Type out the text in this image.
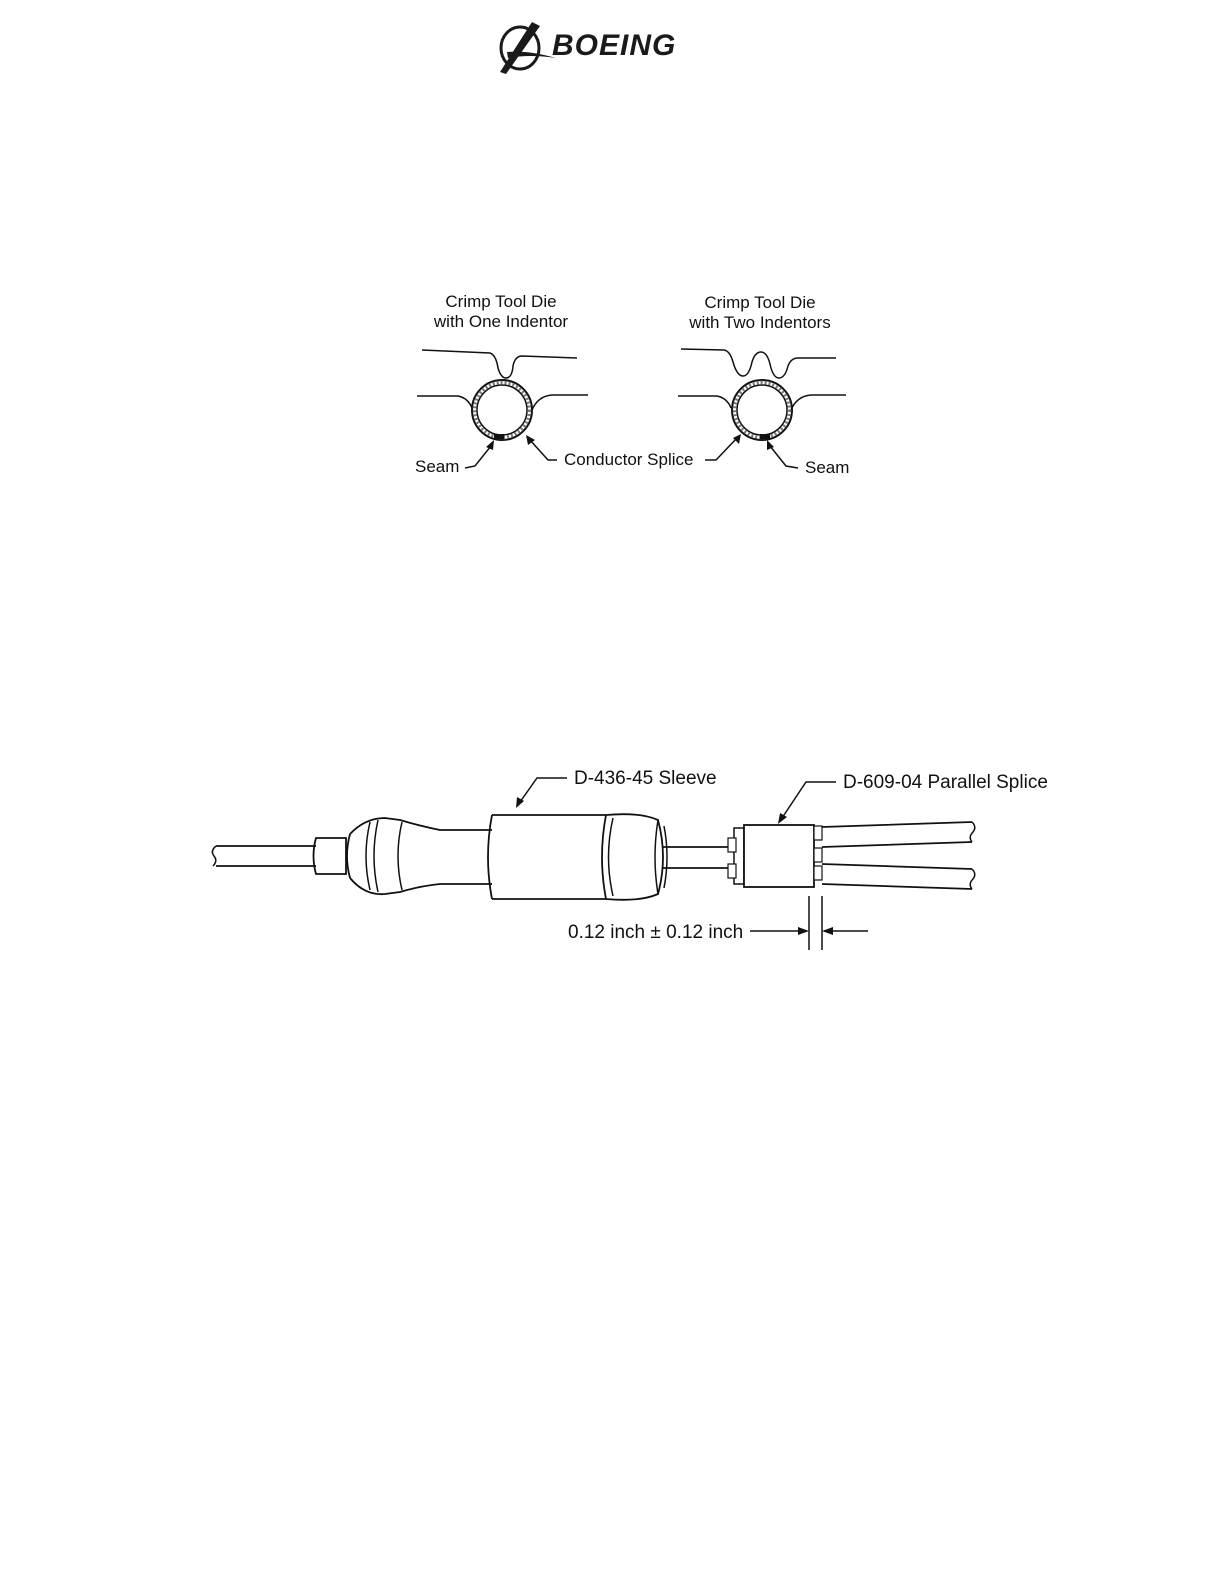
BOEING
Crimp Tool Die
with One Indentor
Crimp Tool Die
with Two Indentors
Seam	Conductor Splice	Seam
D-436-45 Sleeve	D-609-04 Parallel Splice
0.12 inch ± 0.12 inch
